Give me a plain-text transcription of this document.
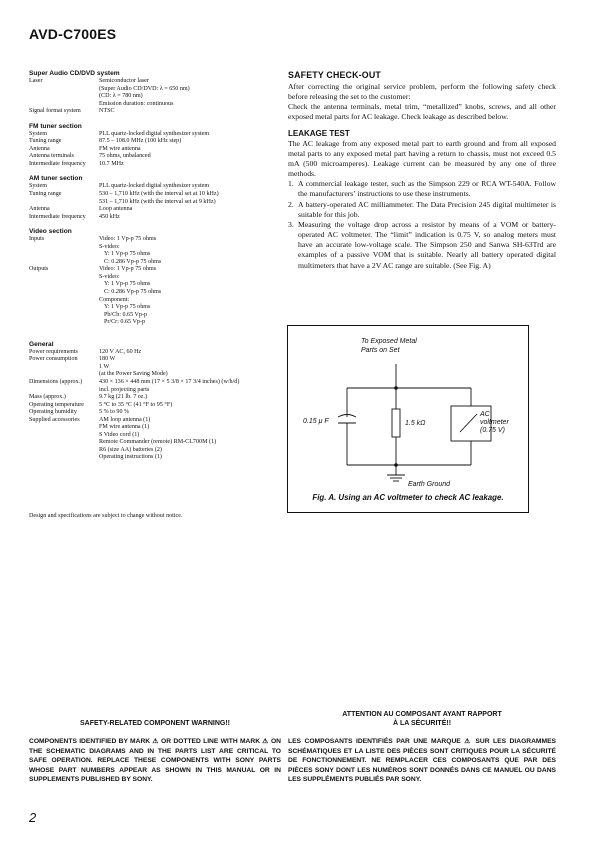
AVD-C700ES
Super Audio CD/DVD system
Laser	Semiconductor laser
(Super Audio CD/DVD: λ = 650 nm)
(CD: λ = 780 nm)
Emission duration: continuous
Signal format system	NTSC
FM tuner section
System	PLL quartz-locked digital synthesizer system
Tuning range	87.5 – 108.0 MHz (100 kHz step)
Antenna	FM wire antenna
Antenna terminals	75 ohms, unbalanced
Intermediate frequency	10.7 MHz
AM tuner section
System	PLL quartz-locked digital synthesizer system
Tuning range	530 – 1,710 kHz (with the interval set at 10 kHz)
531 – 1,710 kHz (with the interval set at 9 kHz)
Antenna	Loop antenna
Intermediate frequency	450 kHz
Video section
Inputs	Video: 1 Vp-p 75 ohms
S-video:
Y: 1 Vp-p 75 ohms
C: 0.286 Vp-p 75 ohms
Outputs	Video: 1 Vp-p 75 ohms
S-video:
Y: 1 Vp-p 75 ohms
C: 0.286 Vp-p 75 ohms
Component:
Y: 1 Vp-p 75 ohms
Pb/Cb: 0.65 Vp-p
Pr/Cr: 0.65 Vp-p
General
Power requirements	120 V AC, 60 Hz
Power consumption	180 W
1 W
(at the Power Saving Mode)
Dimensions (approx.)	430 × 136 × 448 mm (17 × 5 3/8 × 17 3/4 inches) (w/h/d)
incl. projecting parts
Mass (approx.)	9.7 kg (21 lb. 7 oz.)
Operating temperature	5 °C to 35 °C (41 °F to 95 °F)
Operating humidity	5 % to 90 %
Supplied accessories	AM loop antenna (1)
FM wire antenna (1)
S Video cord (1)
Remote Commander (remote) RM-CL700M (1)
R6 (size AA) batteries (2)
Operating instructions (1)
Design and specifications are subject to change without notice.
SAFETY CHECK-OUT

After correcting the original service problem, perform the following safety check before releasing the set to the customer:

Check the antenna terminals, metal trim, “metallized” knobs, screws, and all other exposed metal parts for AC leakage. Check leakage as described below.

LEAKAGE TEST

The AC leakage from any exposed metal part to earth ground and from all exposed metal parts to any exposed metal part having a return to chassis, must not exceed 0.5 mA (500 microamperes). Leakage current can be measured by any one of three methods.

1. A commercial leakage tester, such as the Simpson 229 or RCA WT-540A. Follow the manufacturers’ instructions to use these instruments.
2. A battery-operated AC milliammeter. The Data Precision 245 digital multimeter is suitable for this job.
3. Measuring the voltage drop across a resistor by means of a VOM or battery-operated AC voltmeter. The “limit” indication is 0.75 V, so analog meters must have an accurate low-voltage scale. The Simpson 250 and Sanwa SH-63Trd are examples of a passive VOM that is suitable. Nearly all battery operated digital multimeters that have a 2V AC range are suitable. (See Fig. A)
To Exposed Metal
Parts on Set
0.15 μ F	1.5 kΩ
AC
voltmeter
(0.75 V)
Earth Ground
Fig. A. Using an AC voltmeter to check AC leakage.
SAFETY-RELATED COMPONENT WARNING!!
COMPONENTS IDENTIFIED BY MARK ⚠ OR DOTTED LINE WITH MARK ⚠ ON THE SCHEMATIC DIAGRAMS AND IN THE PARTS LIST ARE CRITICAL TO SAFE OPERATION. REPLACE THESE COMPONENTS WITH SONY PARTS WHOSE PART NUMBERS APPEAR AS SHOWN IN THIS MANUAL OR IN SUPPLEMENTS PUBLISHED BY SONY.
ATTENTION AU COMPOSANT AYANT RAPPORT
À LA SÉCURITÉ!!
LES COMPOSANTS IDENTIFIÉS PAR UNE MARQUE ⚠ SUR LES DIAGRAMMES SCHÉMATIQUES ET LA LISTE DES PIÈCES SONT CRITIQUES POUR LA SÉCURITÉ DE FONCTIONNEMENT. NE REMPLACER CES COMPOSANTS QUE PAR DES PIÈCES SONY DONT LES NUMÉROS SONT DONNÉS DANS CE MANUEL OU DANS LES SUPPLÉMENTS PUBLIÉS PAR SONY.
2
